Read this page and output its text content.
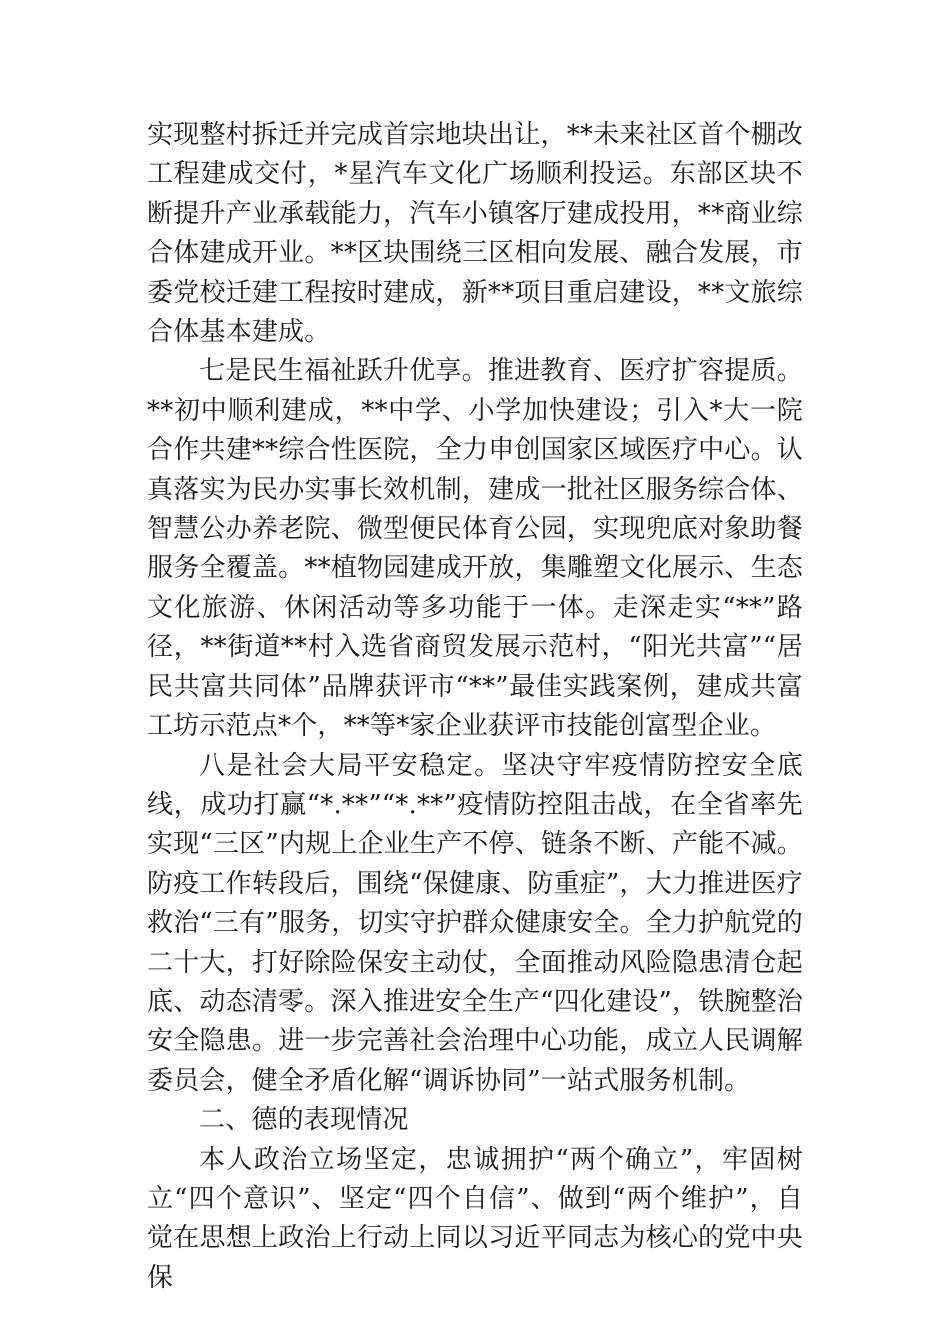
实现整村拆迁并完成首宗地块出让，**未来社区首个棚改工程建成交付，*星汽车文化广场顺利投运。东部区块不断提升产业承载能力，汽车小镇客厅建成投用，**商业综合体建成开业。**区块围绕三区相向发展、融合发展，市委党校迁建工程按时建成，新**项目重启建设，**文旅综合体基本建成。

七是民生福祉跃升优享。推进教育、医疗扩容提质。**初中顺利建成，**中学、小学加快建设；引入*大一院合作共建**综合性医院，全力申创国家区域医疗中心。认真落实为民办实事长效机制，建成一批社区服务综合体、智慧公办养老院、微型便民体育公园，实现兜底对象助餐服务全覆盖。**植物园建成开放，集雕塑文化展示、生态文化旅游、休闲活动等多功能于一体。走深走实“**”路径，**街道**村入选省商贸发展示范村，“阳光共富”“居民共富共同体”品牌获评市“**”最佳实践案例，建成共富工坊示范点*个，**等*家企业获评市技能创富型企业。

八是社会大局平安稳定。坚决守牢疫情防控安全底线，成功打赢“*.**”“*.**”疫情防控阻击战，在全省率先实现“三区”内规上企业生产不停、链条不断、产能不减。防疫工作转段后，围绕“保健康、防重症”，大力推进医疗救治“三有”服务，切实守护群众健康安全。全力护航党的二十大，打好除险保安主动仗，全面推动风险隐患清仓起底、动态清零。深入推进安全生产“四化建设”，铁腕整治安全隐患。进一步完善社会治理中心功能，成立人民调解委员会，健全矛盾化解“调诉协同”一站式服务机制。

二、德的表现情况

本人政治立场坚定，忠诚拥护“两个确立”，牢固树立“四个意识”、坚定“四个自信”、做到“两个维护”，自觉在思想上政治上行动上同以习近平同志为核心的党中央保
